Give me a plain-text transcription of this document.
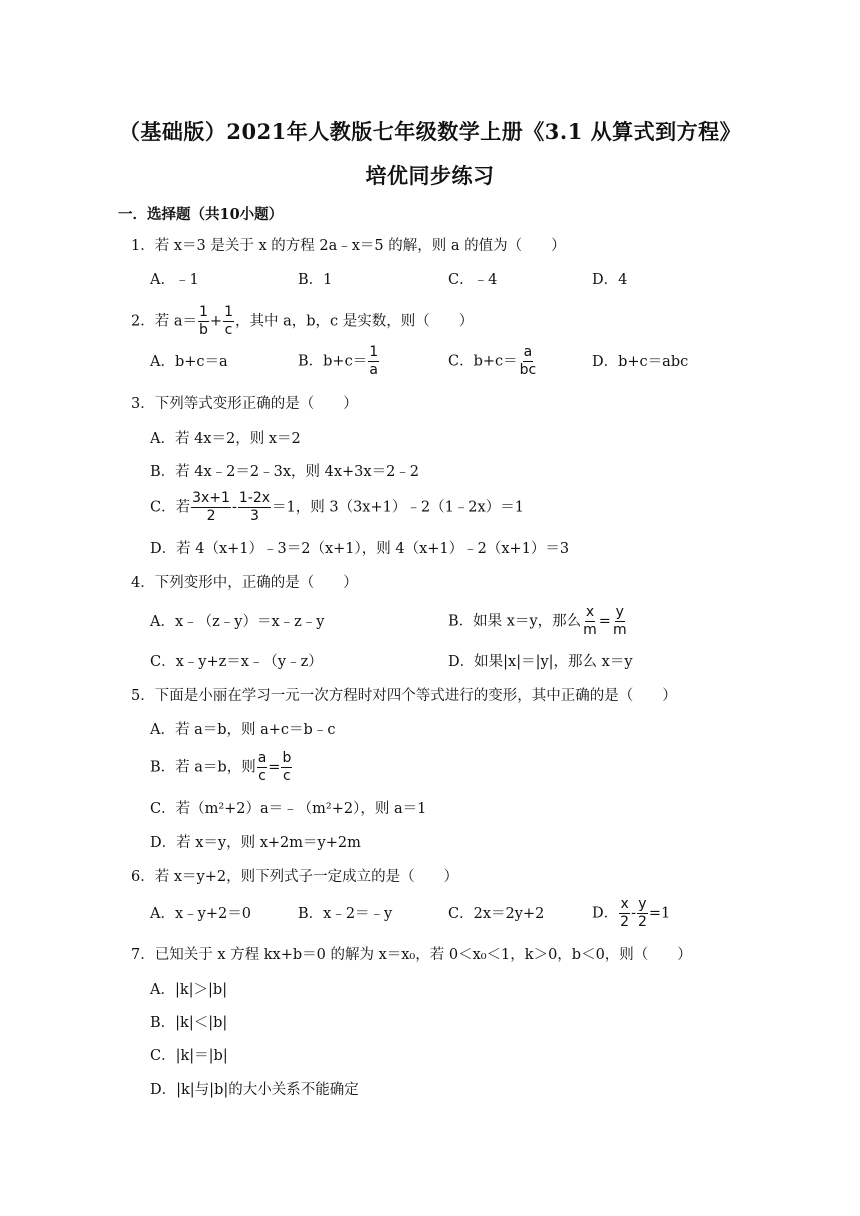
（基础版）2021年人教版七年级数学上册《3.1 从算式到方程》
培优同步练习
一．选择题（共10小题）
1．若 x＝3 是关于 x 的方程 2a﹣x＝5 的解，则 a 的值为（　　）
A．﹣1	B．1	C．﹣4	D．4
2．若 $a= \frac{1}{b} + \frac{1}{c}$ ，其中 a，b，c 是实数，则（　　）
A．b+c＝a	B．$b+c= \frac{1}{a}$	C．$b+c= \frac{a}{bc}$	D．b+c＝abc
3．下列等式变形正确的是（　　）
A．若 4x＝2，则 x＝2
B．若 4x﹣2＝2﹣3x，则 4x+3x＝2﹣2
C．若 $\frac{3x+1}{2} - \frac{1-2x}{3} =1$，则 3（3x+1）﹣2（1﹣2x）＝1
D．若 4（x+1）﹣3＝2（x+1），则 4（x+1）﹣2（x+1）＝3
4．下列变形中，正确的是（　　）
A．x﹣（z﹣y）＝x﹣z﹣y	B．如果 x＝y，那么 $\frac{x}{m} = \frac{y}{m}$
C．x﹣y+z＝x﹣（y﹣z）	D．如果|x|＝|y|，那么 x＝y
5．下面是小丽在学习一元一次方程时对四个等式进行的变形，其中正确的是（　　）
A．若 a＝b，则 a+c＝b﹣c
B．若 a＝b，则 $\frac{a}{c} = \frac{b}{c}$
C．若（m²+2）a＝﹣（m²+2），则 a＝1
D．若 x＝y，则 x+2m＝y+2m
6．若 x＝y+2，则下列式子一定成立的是（　　）
A．x﹣y+2＝0	B．x﹣2＝﹣y	C．2x＝2y+2	D． $\frac{x}{2} - \frac{y}{2} =1$
7．已知关于 x 方程 kx+b＝0 的解为 x＝x₀，若 0＜x₀＜1，k＞0，b＜0，则（　　）
A．|k|＞|b|
B．|k|＜|b|
C．|k|＝|b|
D．|k|与|b|的大小关系不能确定
